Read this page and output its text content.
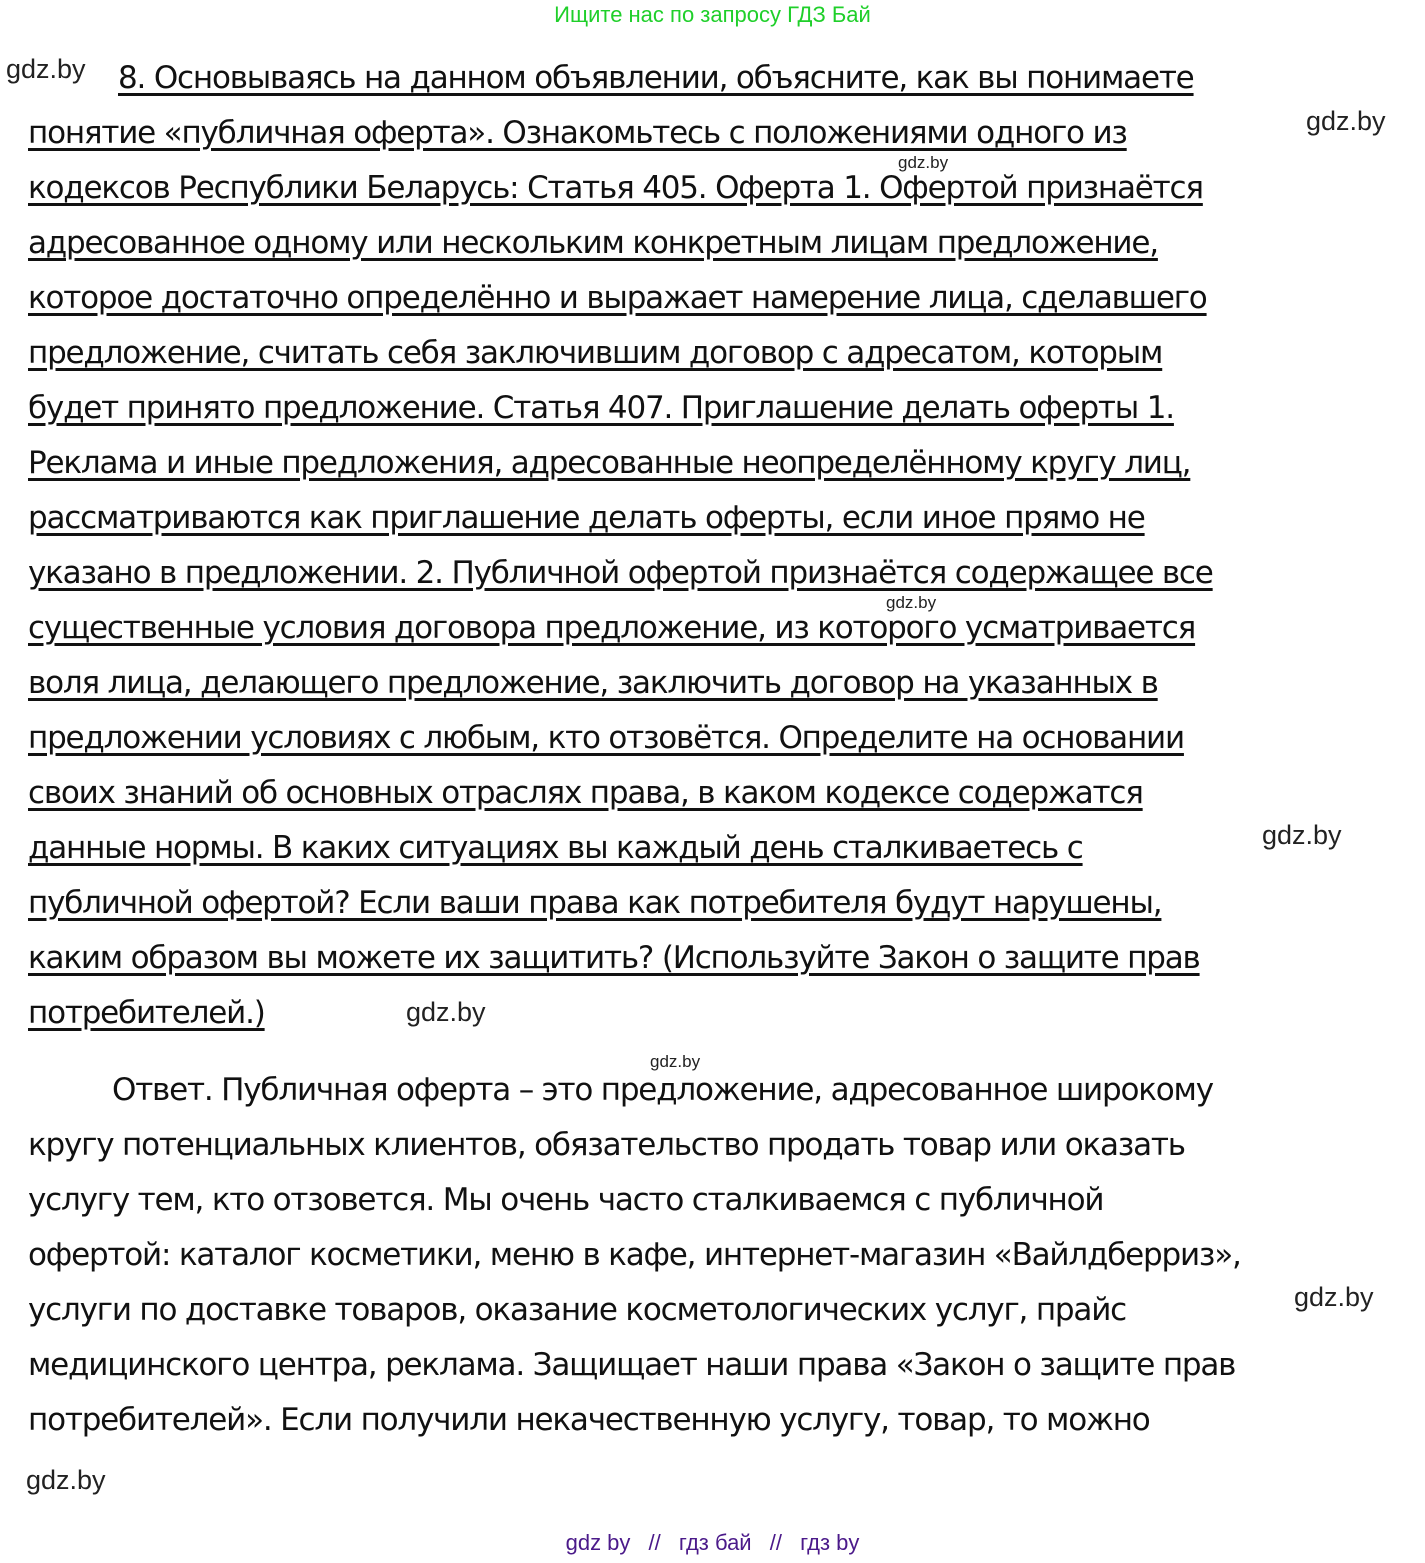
Ищите нас по запросу ГДЗ Бай
gdz.by 8. Основываясь на данном объявлении, объясните, как вы понимаете
понятие «публичная оферта». Ознакомьтесь с положениями одного из
кодексов Республики Беларусь: Статья 405. Оферта 1. Офертой признаётся
адресованное одному или нескольким конкретным лицам предложение,
которое достаточно определённо и выражает намерение лица, сделавшего
предложение, считать себя заключившим договор с адресатом, которым
будет принято предложение. Статья 407. Приглашение делать оферты 1.
Реклама и иные предложения, адресованные неопределённому кругу лиц,
рассматриваются как приглашение делать оферты, если иное прямо не
указано в предложении. 2. Публичной офертой признаётся содержащее все
существенные условия договора предложение, из которого усматривается
воля лица, делающего предложение, заключить договор на указанных в
предложении условиях с любым, кто отзовётся. Определите на основании
своих знаний об основных отраслях права, в каком кодексе содержатся
данные нормы. В каких ситуациях вы каждый день сталкиваетесь с
публичной офертой? Если ваши права как потребителя будут нарушены,
каким образом вы можете их защитить? (Используйте Закон о защите прав
потребителей.)
gdz.by
gdz.by
gdz.by
gdz.by
gdz.by
gdz.by
Ответ. Публичная оферта – это предложение, адресованное широкому
кругу потенциальных клиентов, обязательство продать товар или оказать
услугу тем, кто отзовется. Мы очень часто сталкиваемся с публичной
офертой: каталог косметики, меню в кафе, интернет-магазин «Вайлдберриз»,
услуги по доставке товаров, оказание косметологических услуг, прайс
медицинского центра, реклама. Защищает наши права «Закон о защите прав
потребителей». Если получили некачественную услугу, товар, то можно
gdz.by
gdz.by
gdz by // гдз бай // гдз by
